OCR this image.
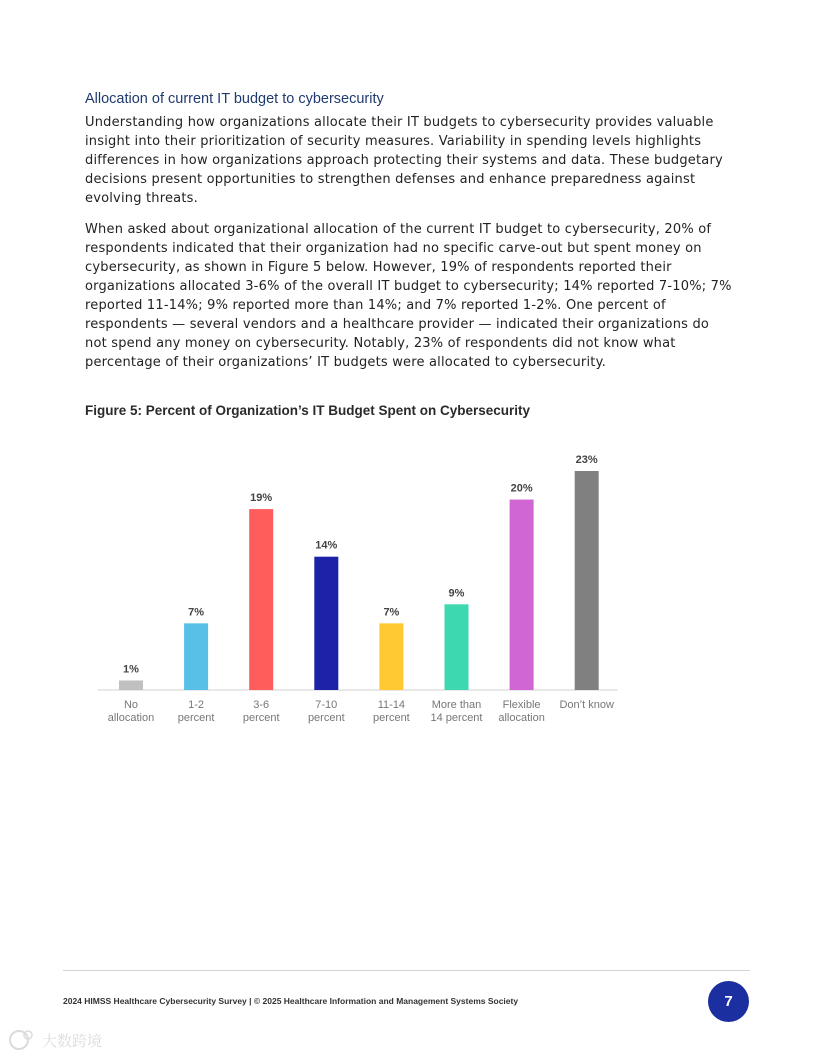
Allocation of current IT budget to cybersecurity

Understanding how organizations allocate their IT budgets to cybersecurity provides valuable insight into their prioritization of security measures. Variability in spending levels highlights differences in how organizations approach protecting their systems and data. These budgetary decisions present opportunities to strengthen defenses and enhance preparedness against evolving threats.

When asked about organizational allocation of the current IT budget to cybersecurity, 20% of respondents indicated that their organization had no specific carve-out but spent money on cybersecurity, as shown in Figure 5 below. However, 19% of respondents reported their organizations allocated 3-6% of the overall IT budget to cybersecurity; 14% reported 7-10%; 7% reported 11-14%; 9% reported more than 14%; and 7% reported 1-2%. One percent of respondents — several vendors and a healthcare provider — indicated their organizations do not spend any money on cybersecurity. Notably, 23% of respondents did not know what percentage of their organizations’ IT budgets were allocated to cybersecurity.

Figure 5: Percent of Organization’s IT Budget Spent on Cybersecurity

1%
No allocation
7%
1-2 percent
19%
3-6 percent
14%
7-10 percent
7%
11-14 percent
9%
More than 14 percent
20%
Flexible allocation
23%
Don’t know
2024 HIMSS Healthcare Cybersecurity Survey | © 2025 Healthcare Information and Management Systems Society	7
大数跨境
